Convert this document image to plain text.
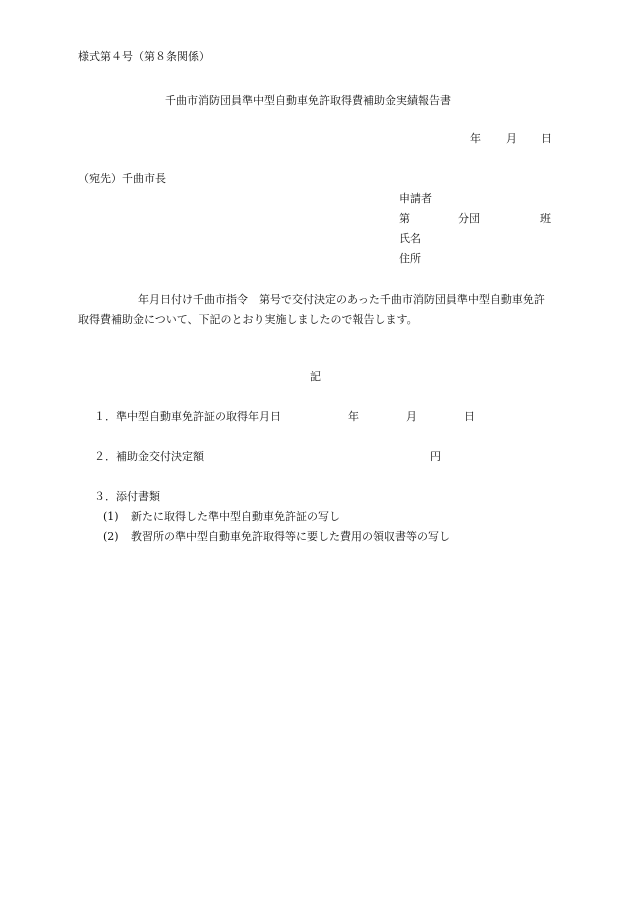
様式第４号（第８条関係）
千曲市消防団員準中型自動車免許取得費補助金実績報告書
年 月 日
（宛先）千曲市長
申請者
第	分団	班
氏名
住所
年月日付け千曲市指令　第号で交付決定のあった千曲市消防団員準中型自動車免許取得費補助金について、下記のとおり実施しましたので報告します。
記
１．準中型自動車免許証の取得年月日	年	月	日
２．補助金交付決定額	円
３．添付書類
(1) 新たに取得した準中型自動車免許証の写し
(2) 教習所の準中型自動車免許取得等に要した費用の領収書等の写し
